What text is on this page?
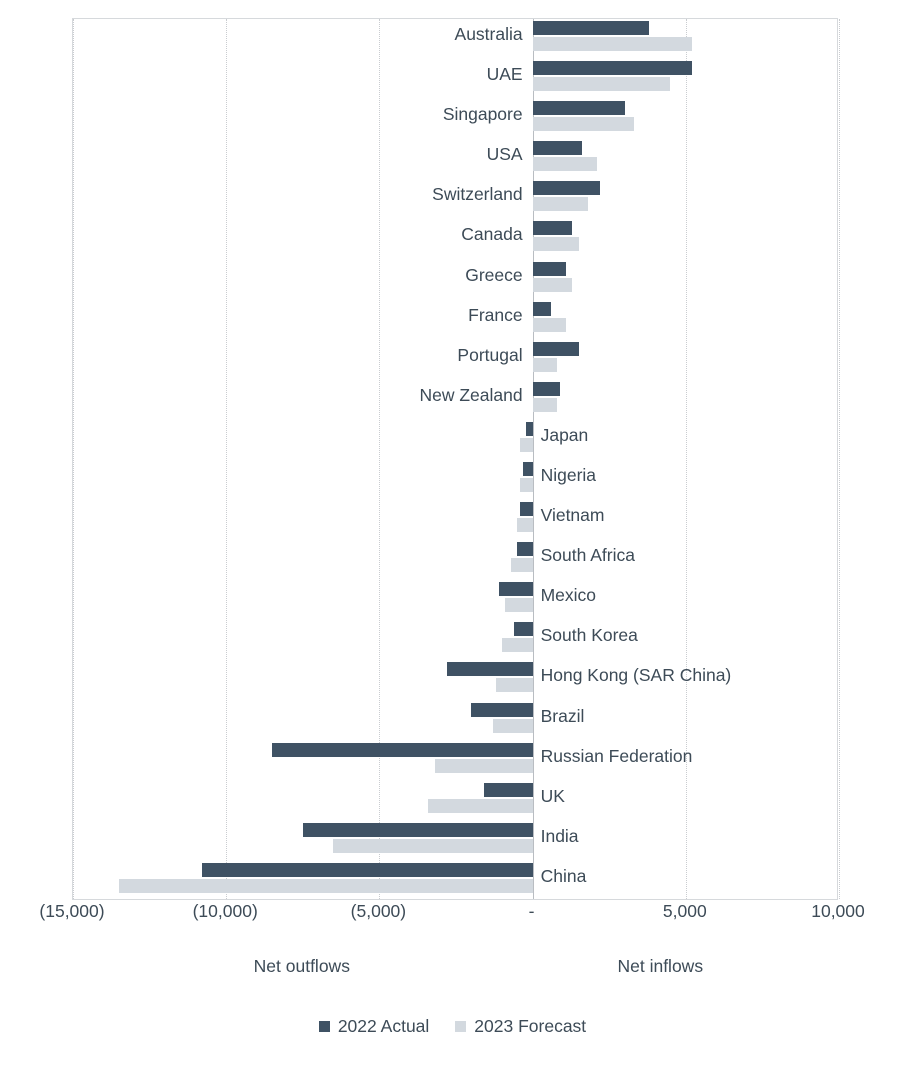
Australia
UAE
Singapore
USA
Switzerland
Canada
Greece
France
Portugal
New Zealand
Japan
Nigeria
Vietnam
South Africa
Mexico
South Korea
Hong Kong (SAR China)
Brazil
Russian Federation
UK
India
China
(15,000)	(10,000)	(5,000)	-	5,000	10,000
Net outflows	Net inflows
2022 Actual	2023 Forecast
